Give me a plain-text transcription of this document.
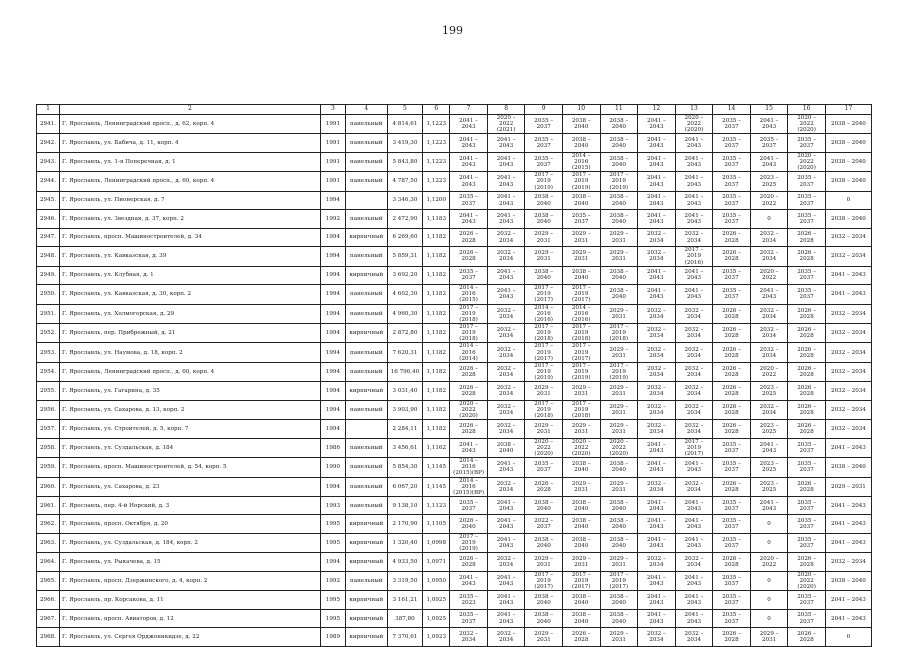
199
1	2	3	4	5	6	7	8	9	10	11	12	13	14	15	16	17
2941.	Г. Ярославль, Ленинградский просп., д. 62, корп. 4	1991	панельный	4 814,61	1,1223	2041 – 2043	2020 – 2022 (2021)	2035 – 2037	2038 – 2040	2038 – 2040	2041 – 2043	2020 – 2022 (2020)	2035 – 2037	2041 – 2043	2020 – 2022 (2020)	2038 – 2040
2942.	Г. Ярославль, ул. Бабича, д. 11, корп. 4	1991	панельный	3 419,30	1,1223	2041 – 2043	2041 – 2043	2035 – 2037	2038 – 2040	2038 – 2040	2041 – 2043	2041 – 2043	2035 – 2037	2035 – 2037	2035 – 2037	2038 – 2040
2943.	Г. Ярославль, ул. 1-я Поперечная, д. 1	1991	панельный	5 843,80	1,1223	2041 – 2043	2041 – 2043	2035 – 2037	2014 – 2016 (2015)	2038 – 2040	2041 – 2043	2041 – 2043	2035 – 2037	2041 – 2043	2020 – 2022 (2020)	2038 – 2040
2944.	Г. Ярославль, Ленинградский просп., д. 60, корп. 4	1991	панельный	4 787,50	1,1223	2041 – 2043	2041 – 2043	2017 – 2019 (2019)	2017 – 2019 (2019)	2017 – 2019 (2019)	2041 – 2043	2041 – 2043	2035 – 2037	2023 – 2025	2035 – 2037	2038 – 2040
2945.	Г. Ярославль, ул. Пионерская, д. 7	1994		3 346,30	1,1200	2035 – 2037	2041 – 2043	2038 – 2040	2038 – 2040	2038 – 2040	2041 – 2043	2041 – 2043	2035 – 2037	2020 – 2022	2035 – 2037	0
2946.	Г. Ярославль, ул. Звездная, д. 37, корп. 2	1992	панельный	2 472,90	1,1183	2041 – 2043	2041 – 2043	2038 – 2040	2035 – 2037	2038 – 2040	2041 – 2043	2041 – 2043	2035 – 2037	0	2035 – 2037	2038 – 2040
2947.	Г. Ярославль, просп. Машиностроителей, д. 34	1994	кирпичный	6 269,60	1,1182	2026 – 2028	2032 – 2034	2029 – 2031	2029 – 2031	2029 – 2031	2032 – 2034	2032 – 2034	2026 – 2028	2032 – 2034	2026 – 2028	2032 – 2034
2948.	Г. Ярославль, ул. Кавказская, д. 39	1994	панельный	5 859,31	1,1182	2026 – 2028	2032 – 2034	2029 – 2031	2029 – 2031	2029 – 2031	2032 – 2034	2017 – 2019 (2016)	2026 – 2028	2032 – 2034	2026 – 2028	2032 – 2034
2949.	Г. Ярославль, ул. Клубная, д. 1	1994	кирпичный	3 692,20	1,1182	2035 – 2037	2041 – 2043	2038 – 2040	2038 – 2040	2038 – 2040	2041 – 2043	2041 – 2043	2035 – 2037	2020 – 2022	2035 – 2037	2041 – 2043
2950.	Г. Ярославль, ул. Кавказская, д. 30, корп. 2	1994	панельный	4 602,30	1,1182	2014 – 2016 (2015)	2041 – 2043	2017 – 2019 (2017)	2017 – 2019 (2017)	2038 – 2040	2041 – 2043	2041 – 2043	2035 – 2037	2041 – 2043	2035 – 2037	2041 – 2043
2951.	Г. Ярославль, ул. Холмогорская, д. 29	1994	панельный	4 960,30	1,1182	2017 – 2019 (2018)	2032 – 2034	2014 – 2016 (2016)	2014 – 2016 (2016)	2029 – 2031	2032 – 2034	2032 – 2034	2026 – 2028	2032 – 2034	2026 – 2028	2032 – 2034
2952.	Г. Ярославль, пер. Прибрежный, д. 21	1994	кирпичный	2 872,80	1,1182	2017 – 2019 (2018)	2032 – 2034	2017 – 2019 (2018)	2017 – 2019 (2018)	2017 – 2019 (2018)	2032 – 2034	2032 – 2034	2026 – 2028	2032 – 2034	2026 – 2028	2032 – 2034
2953.	Г. Ярославль, ул. Наумова, д. 18, корп. 2	1994	панельный	7 620,31	1,1182	2014 – 2016 (2014)	2032 – 2034	2017 – 2019 (2017)	2017 – 2019 (2017)	2029 – 2031	2032 – 2034	2032 – 2034	2026 – 2028	2032 – 2034	2026 – 2028	2032 – 2034
2954.	Г. Ярославль, Ленинградский просп., д. 60, корп. 4	1994	панельный	16 796,40	1,1182	2026 – 2028	2032 – 2034	2017 – 2019 (2019)	2017 – 2019 (2019)	2017 – 2019 (2019)	2032 – 2034	2032 – 2034	2026 – 2028	2020 – 2022	2026 – 2028	2032 – 2034
2955.	Г. Ярославль, ул. Гагарина, д. 35	1994	кирпичный	3 031,40	1,1182	2026 – 2028	2032 – 2034	2029 – 2031	2029 – 2031	2029 – 2031	2032 – 2034	2032 – 2034	2026 – 2028	2023 – 2025	2026 – 2028	2032 – 2034
2956.	Г. Ярославль, ул. Сахарова, д. 13, корп. 2	1994	панельный	3 903,90	1,1182	2020 – 2022 (2020)	2032 – 2034	2017 – 2019 (2018)	2017 – 2019 (2018)	2029 – 2031	2032 – 2034	2032 – 2034	2026 – 2028	2032 – 2034	2026 – 2028	2032 – 2034
2957.	Г. Ярославль, ул. Строителей, д. 5, корп. 7	1994		2 284,11	1,1182	2026 – 2028	2032 – 2034	2029 – 2031	2029 – 2031	2029 – 2031	2032 – 2034	2032 – 2034	2026 – 2028	2023 – 2025	2026 – 2028	2032 – 2034
2958.	Г. Ярославль, ул. Суздальская, д. 184	1986	панельный	3 456,61	1,1162	2041 – 2043	2038 – 2040	2020 – 2022 (2020)	2020 – 2022 (2020)	2020 – 2022 (2020)	2041 – 2043	2017 – 2019 (2017)	2035 – 2037	2041 – 2043	2035 – 2037	2041 – 2043
2959.	Г. Ярославль, просп. Машиностроителей, д. 54, корп. 5	1990	панельный	5 854,30	1,1145	2014 – 2016 (2015)(ВР)	2041 – 2043	2035 – 2037	2038 – 2040	2038 – 2040	2041 – 2043	2041 – 2043	2035 – 2037	2023 – 2025	2035 – 2037	2038 – 2040
2960.	Г. Ярославль, ул. Сахарова, д. 23	1994	панельный	6 067,20	1,1145	2014 – 2016 (2015)(ВР)	2032 – 2034	2026 – 2028	2029 – 2031	2029 – 2031	2032 – 2034	2032 – 2034	2026 – 2028	2023 – 2025	2026 – 2028	2029 – 2031
2961.	Г. Ярославль, пер. 4-й Норский, д. 3	1993	панельный	9 138,10	1,1123	2035 – 2037	2041 – 2043	2038 – 2040	2038 – 2040	2038 – 2040	2041 – 2043	2041 – 2043	2035 – 2037	2041 – 2043	2035 – 2037	2041 – 2043
2962.	Г. Ярославль, просп. Октября, д. 20	1995	кирпичный	2 170,90	1,1105	2026 – 2040	2041 – 2043	2022 – 2037	2038 – 2040	2038 – 2040	2041 – 2043	2041 – 2043	2035 – 2037	0	2035 – 2037	2041 – 2043
2963.	Г. Ярославль, ул. Суздальская, д. 184, корп. 2	1995	кирпичный	1 320,40	1,0998	2017 – 2019 (2019)	2041 – 2043	2038 – 2040	2038 – 2040	2038 – 2040	2041 – 2043	2041 – 2043	2035 – 2037	0	2035 – 2037	2041 – 2043
2964.	Г. Ярославль, ул. Рыкачева, д. 15	1994	кирпичный	4 933,50	1,0971	2026 – 2028	2032 – 2034	2029 – 2031	2029 – 2031	2029 – 2031	2032 – 2034	2032 – 2034	2026 – 2028	2020 – 2022	2026 – 2028	2032 – 2034
2965.	Г. Ярославль, просп. Дзержинского, д. 4, корп. 2	1992	панельный	3 319,50	1,0950	2041 – 2043	2041 – 2043	2017 – 2019 (2017)	2017 – 2019 (2017)	2017 – 2019 (2017)	2041 – 2043	2041 – 2043	2035 – 2037	0	2020 – 2022 (2020)	2038 – 2040
2966.	Г. Ярославль, пр. Корсакова, д. 11	1995	кирпичный	3 161,21	1,0925	2035 – 2023	2041 – 2043	2038 – 2040	2038 – 2040	2038 – 2040	2041 – 2043	2041 – 2043	2035 – 2037	0	2035 – 2037	2041 – 2043
2967.	Г. Ярославль, просп. Авиаторов, д. 12	1995	кирпичный	387,80	1,0925	2035 – 2037	2041 – 2043	2038 – 2040	2038 – 2040	2038 – 2040	2041 – 2043	2041 – 2043	2035 – 2037	0	2035 – 2037	2041 – 2043
2968.	Г. Ярославль, ул. Сергея Орджоникидзе, д. 22	1989	кирпичный	7 370,61	1,0923	2032 – 2034	2032 – 2034	2029 – 2031	2026 – 2028	2029 – 2031	2032 – 2034	2032 – 2034	2026 – 2028	2029 – 2031	2026 – 2028	0
